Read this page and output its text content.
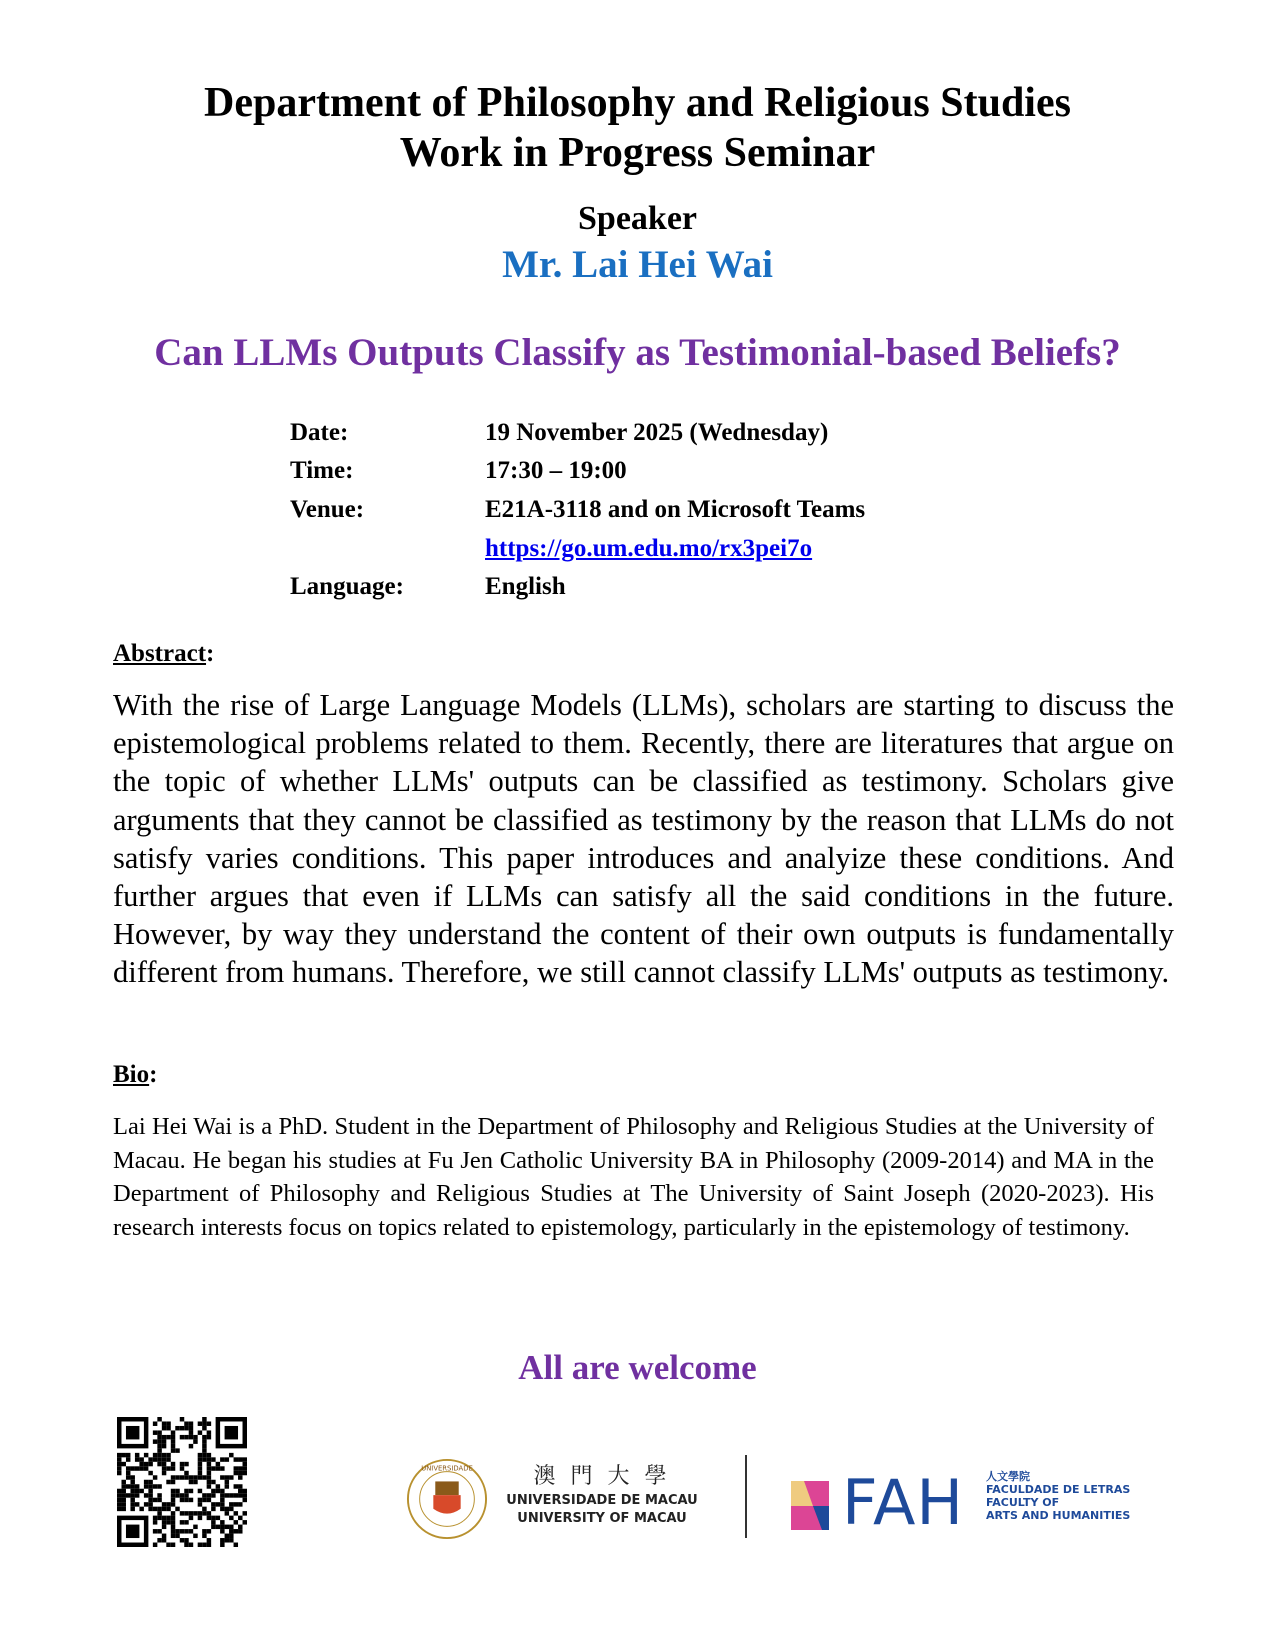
Department of Philosophy and Religious Studies
Work in Progress Seminar
Speaker
Mr. Lai Hei Wai
Can LLMs Outputs Classify as Testimonial-based Beliefs?
Date:	19 November 2025 (Wednesday)
Time:	17:30 – 19:00
Venue:	E21A-3118 and on Microsoft Teams
https://go.um.edu.mo/rx3pei7o
Language:	English
Abstract:
With the rise of Large Language Models (LLMs), scholars are starting to discuss the epistemological problems related to them. Recently, there are literatures that argue on the topic of whether LLMs' outputs can be classified as testimony. Scholars give arguments that they cannot be classified as testimony by the reason that LLMs do not satisfy varies conditions. This paper introduces and analyize these conditions. And further argues that even if LLMs can satisfy all the said conditions in the future. However, by way they understand the content of their own outputs is fundamentally different from humans. Therefore, we still cannot classify LLMs' outputs as testimony.
Bio:
Lai Hei Wai is a PhD. Student in the Department of Philosophy and Religious Studies at the University of Macau. He began his studies at Fu Jen Catholic University BA in Philosophy (2009-2014) and MA in the Department of Philosophy and Religious Studies at The University of Saint Joseph (2020-2023). His research interests focus on topics related to epistemology, particularly in the epistemology of testimony.
All are welcome
UNIVERSIDADE	澳 門 大 學
UNIVERSIDADE DE MACAU
UNIVERSITY OF MACAU	FAH 人文學院
FACULDADE DE LETRAS
FACULTY OF
ARTS AND HUMANITIES
